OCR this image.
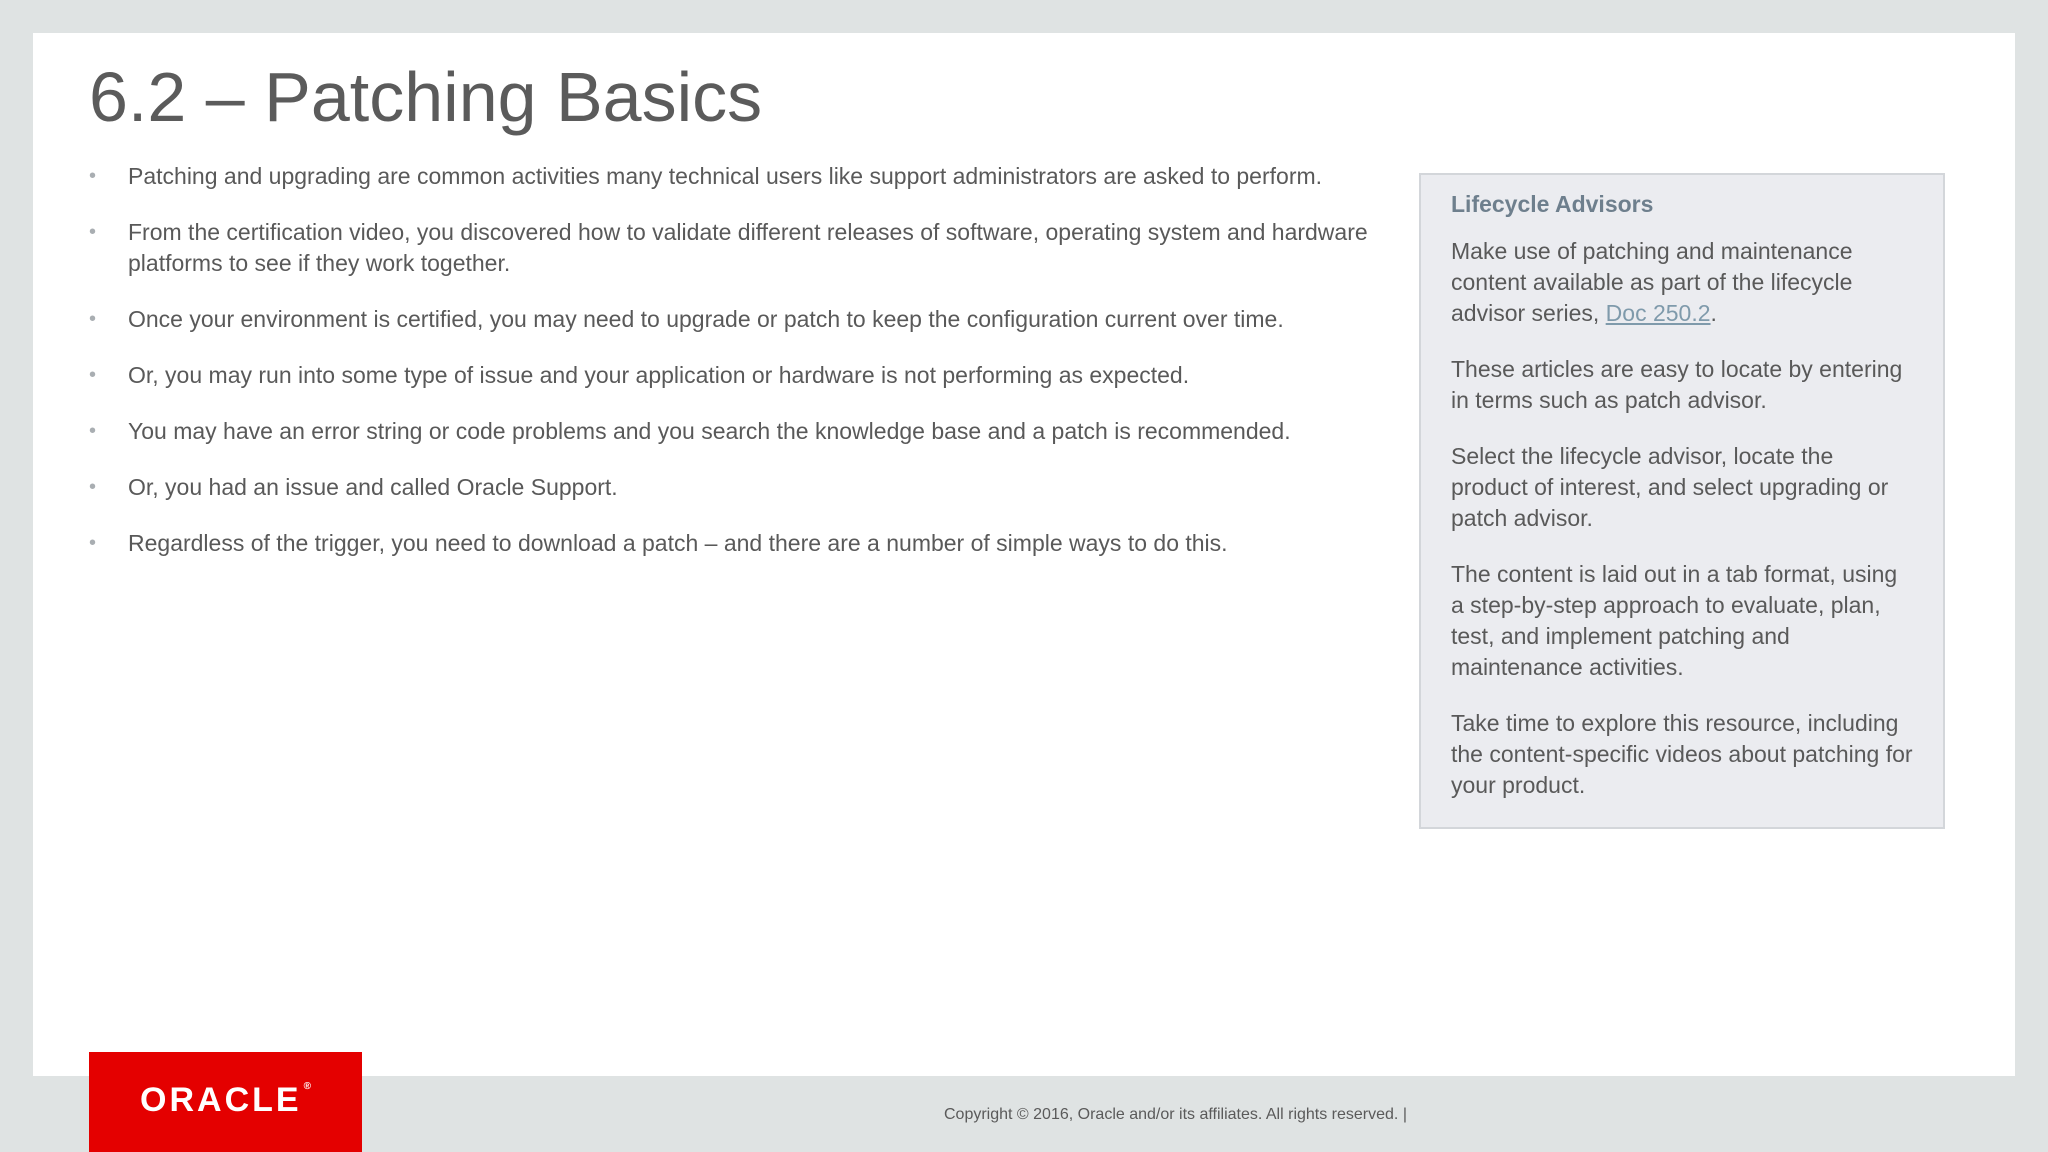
6.2 – Patching Basics
•	Patching and upgrading are common activities many technical users like support administrators are asked to perform.
•	From the certification video, you discovered how to validate different releases of software, operating system and hardware platforms to see if they work together.
•	Once your environment is certified, you may need to upgrade or patch to keep the configuration current over time.
•	Or, you may run into some type of issue and your application or hardware is not performing as expected.
•	You may have an error string or code problems and you search the knowledge base and a patch is recommended.
•	Or, you had an issue and called Oracle Support.
•	Regardless of the trigger, you need to download a patch – and there are a number of simple ways to do this.

Lifecycle Advisors

Make use of patching and maintenance content available as part of the lifecycle advisor series, Doc 250.2.

These articles are easy to locate by entering in terms such as patch advisor.

Select the lifecycle advisor, locate the product of interest, and select upgrading or patch advisor.

The content is laid out in a tab format, using a step-by-step approach to evaluate, plan, test, and implement patching and maintenance activities.

Take time to explore this resource, including the content-specific videos about patching for your product.

ORACLE ®
Copyright © 2016, Oracle and/or its affiliates. All rights reserved. |
